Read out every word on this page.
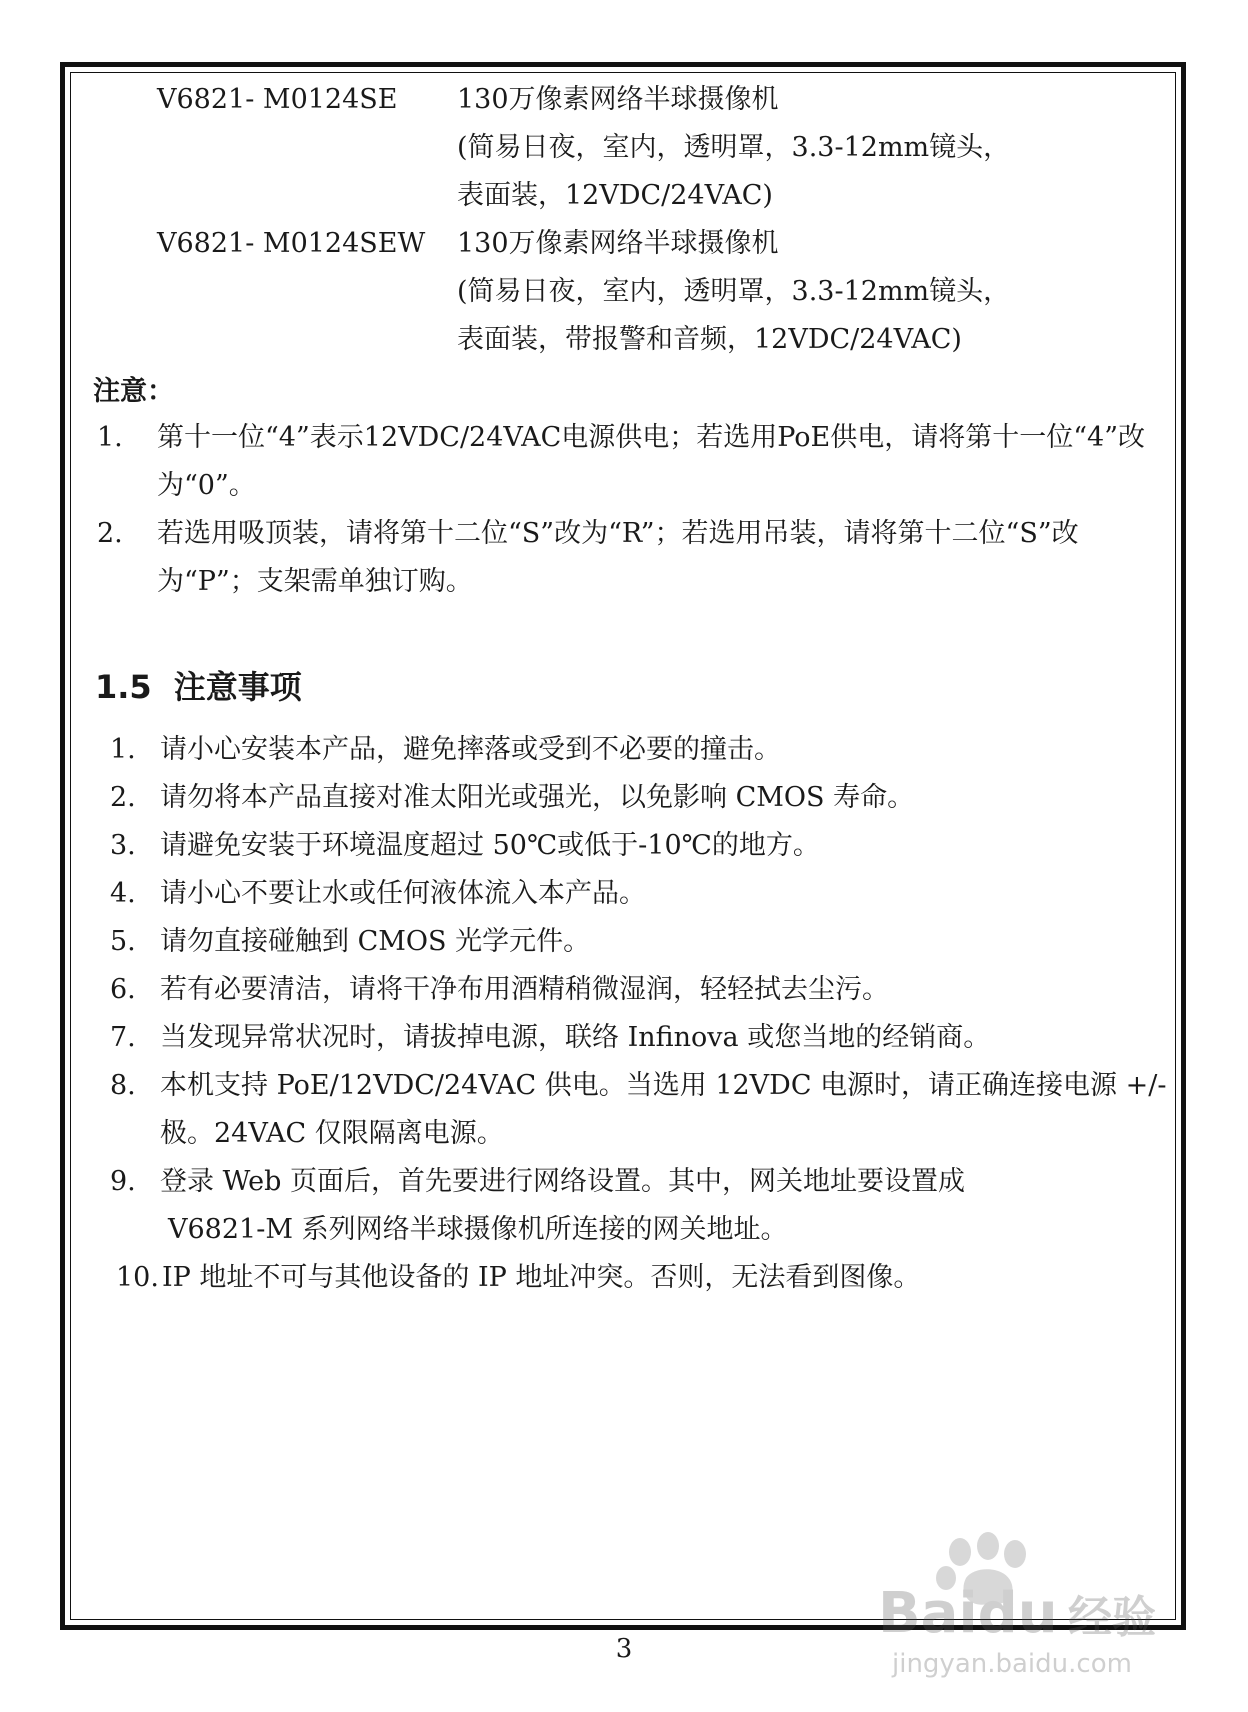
V6821- M0124SE 130万像素网络半球摄像机
(简易日夜，室内，透明罩，3.3-12mm镜头，
表面装，12VDC/24VAC)
V6821- M0124SEW 130万像素网络半球摄像机
(简易日夜，室内，透明罩，3.3-12mm镜头，
表面装，带报警和音频，12VDC/24VAC)
注意：
1. 第十一位“4”表示12VDC/24VAC电源供电；若选用PoE供电，请将第十一位“4”改为“0”。
2. 若选用吸顶装，请将第十二位“S”改为“R”；若选用吊装，请将第十二位“S”改为“P”；支架需单独订购。
1.5 注意事项
1. 请小心安装本产品，避免摔落或受到不必要的撞击。
2. 请勿将本产品直接对准太阳光或强光，以免影响 CMOS 寿命。
3. 请避免安装于环境温度超过 50℃或低于-10℃的地方。
4. 请小心不要让水或任何液体流入本产品。
5. 请勿直接碰触到 CMOS 光学元件。
6. 若有必要清洁，请将干净布用酒精稍微湿润，轻轻拭去尘污。
7. 当发现异常状况时，请拔掉电源，联络 Infinova 或您当地的经销商。
8. 本机支持 PoE/12VDC/24VAC 供电。当选用 12VDC 电源时，请正确连接电源 +/-极。24VAC 仅限隔离电源。
9. 登录 Web 页面后，首先要进行网络设置。其中，网关地址要设置成
V6821-M 系列网络半球摄像机所连接的网关地址。
10. IP 地址不可与其他设备的 IP 地址冲突。否则，无法看到图像。
3
Baidu 经验
jingyan.baidu.com
